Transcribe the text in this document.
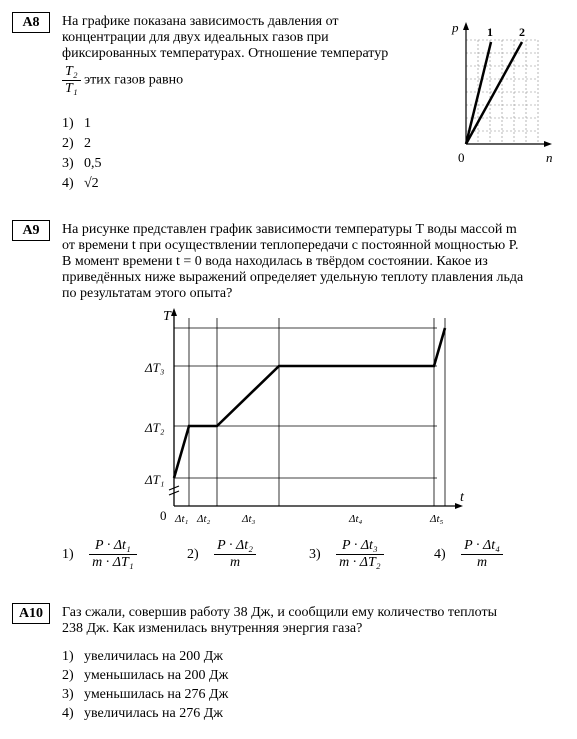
A8	На графике показана зависимость давления от
концентрации для двух идеальных газов при
фиксированных температурах. Отношение температур
$\frac{\text{T₂}}{\text{T₁}}$ этих газов равно
1) 1
2) 2
3) 0,5
4) √2
p
n
0
1 2
A9	На рисунке представлен график зависимости температуры T воды массой m
от времени t при осуществлении теплопередачи с постоянной мощностью P.
В момент времени t = 0 вода находилась в твёрдом состоянии. Какое из
приведённых ниже выражений определяет удельную теплоту плавления льда
по результатам этого опыта?
T
t
0
ΔT₃
ΔT₂
ΔT₁
Δt₁ Δt₂	Δt₃	Δt₄	Δt₅
$1) \frac{\text{P · Δt₁}}{\text{m · ΔT₁}}$	$2) \frac{\text{P · Δt₂}}{m}$	$3) \frac{\text{P · Δt₃}}{\text{m · ΔT₂}}$	$4) \frac{\text{P · Δt₄}}{m}$
A10	Газ сжали, совершив работу 38 Дж, и сообщили ему количество теплоты
238 Дж. Как изменилась внутренняя энергия газа?
1) увеличилась на 200 Дж
2) уменьшилась на 200 Дж
3) уменьшилась на 276 Дж
4) увеличилась на 276 Дж
